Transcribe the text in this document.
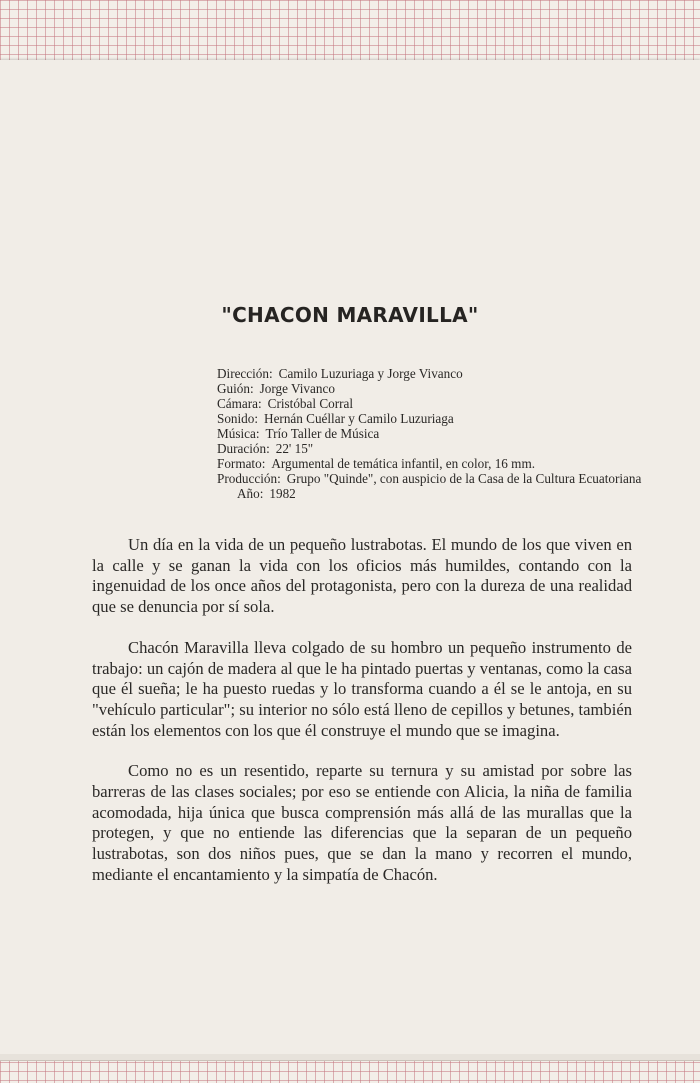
"CHACON MARAVILLA"
Dirección: Camilo Luzuriaga y Jorge Vivanco
Guión: Jorge Vivanco
Cámara: Cristóbal Corral
Sonido: Hernán Cuéllar y Camilo Luzuriaga
Música: Trío Taller de Música
Duración: 22' 15"
Formato: Argumental de temática infantil, en color, 16 mm.
Producción: Grupo "Quinde", con auspicio de la Casa de la Cultura Ecuatoriana
Año: 1982

Un día en la vida de un pequeño lustrabotas. El mundo de los que viven en la calle y se ganan la vida con los oficios más humildes, contando con la ingenuidad de los once años del protagonista, pero con la dureza de una realidad que se denuncia por sí sola.

Chacón Maravilla lleva colgado de su hombro un pequeño instrumento de trabajo: un cajón de madera al que le ha pintado puertas y ventanas, como la casa que él sueña; le ha puesto ruedas y lo transforma cuando a él se le antoja, en su "vehículo particular"; su interior no sólo está lleno de cepillos y betunes, también están los elementos con los que él construye el mundo que se imagina.

Como no es un resentido, reparte su ternura y su amistad por sobre las barreras de las clases sociales; por eso se entiende con Alicia, la niña de familia acomodada, hija única que busca comprensión más allá de las murallas que la protegen, y que no entiende las diferencias que la separan de un pequeño lustrabotas, son dos niños pues, que se dan la mano y recorren el mundo, mediante el encantamiento y la simpatía de Chacón.
